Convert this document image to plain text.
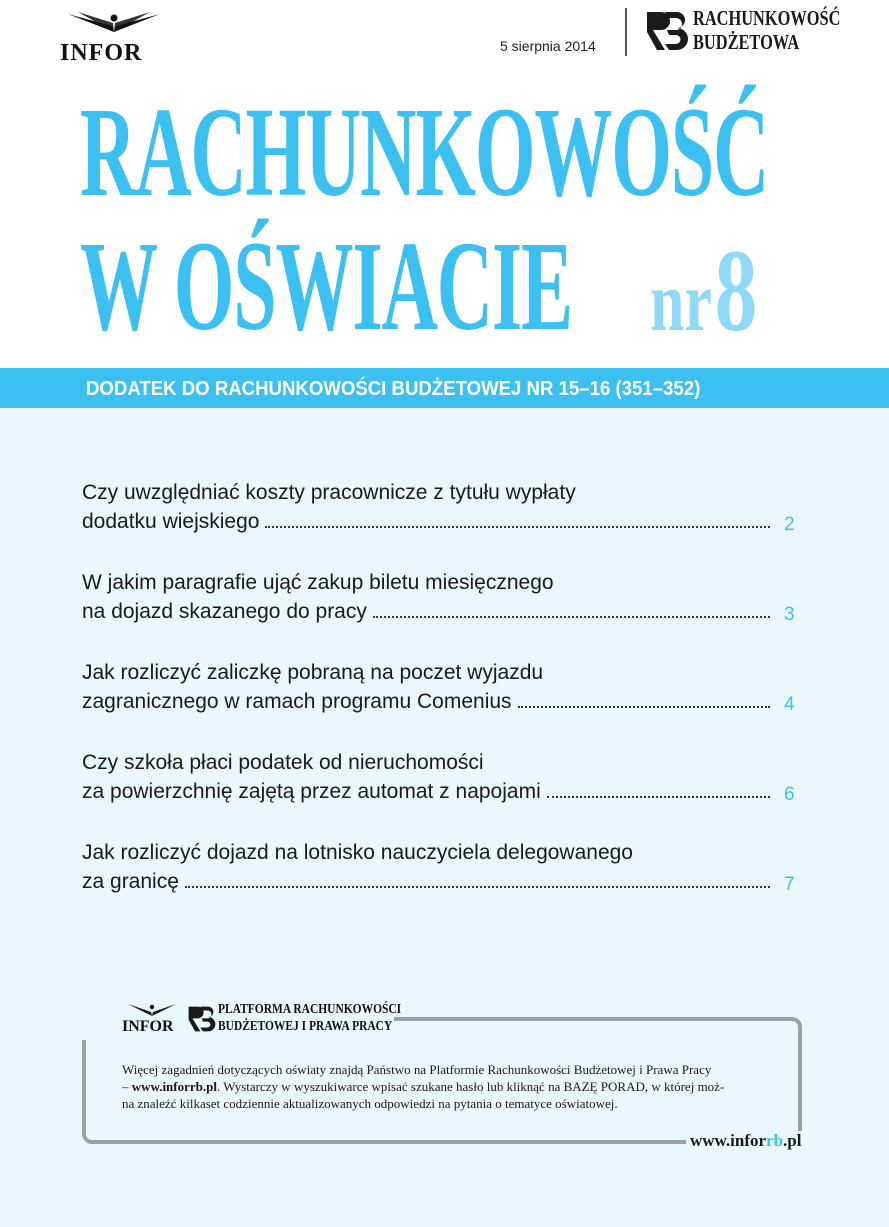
INFOR	5 sierpnia 2014
RACHUNKOWOŚĆ
BUDŻETOWA
RACHUNKOWOŚĆ
W OŚWIACIE nr 8
DODATEK DO RACHUNKOWOŚCI BUDŻETOWEJ NR 15–16 (351–352)
Czy uwzględniać koszty pracownicze z tytułu wypłaty
dodatku wiejskiego	2
W jakim paragrafie ująć zakup biletu miesięcznego
na dojazd skazanego do pracy	3
Jak rozliczyć zaliczkę pobraną na poczet wyjazdu
zagranicznego w ramach programu Comenius	4
Czy szkoła płaci podatek od nieruchomości
za powierzchnię zajętą przez automat z napojami	6
Jak rozliczyć dojazd na lotnisko nauczyciela delegowanego
za granicę	7
INFOR
PLATFORMA RACHUNKOWOŚCI
BUDŻETOWEJ I PRAWA PRACY
Więcej zagadnień dotyczących oświaty znajdą Państwo na Platformie Rachunkowości Budżetowej i Prawa Pracy
– www.inforrb.pl. Wystarczy w wyszukiwarce wpisać szukane hasło lub kliknąć na BAZĘ PORAD, w której moż-
na znaleźć kilkaset codziennie aktualizowanych odpowiedzi na pytania o tematyce oświatowej.
www.inforrb.pl
